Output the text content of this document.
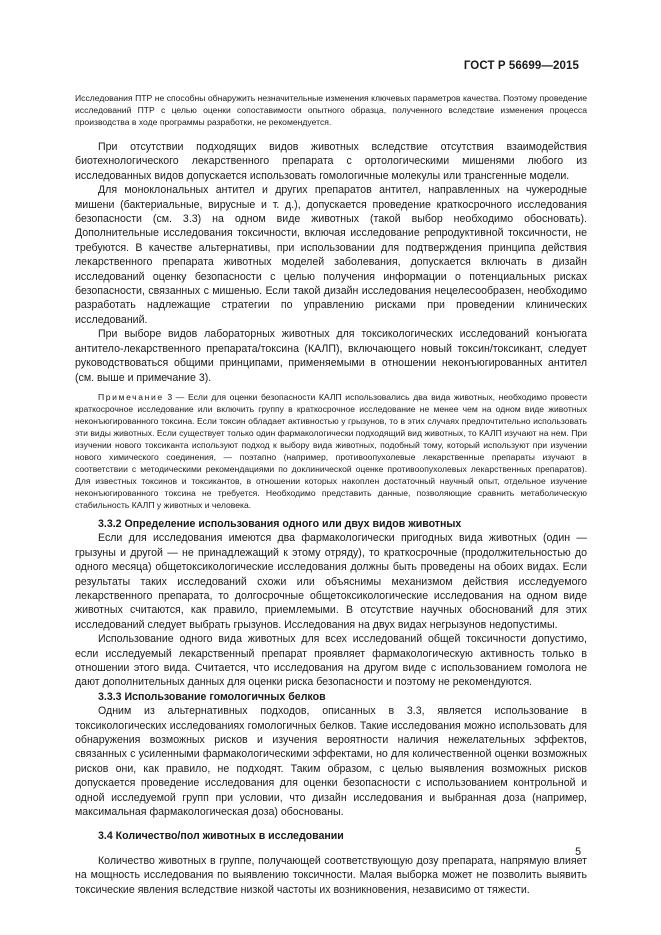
ГОСТ Р 56699—2015

Исследования ПТР не способны обнаружить незначительные изменения ключевых параметров качества. Поэтому проведение исследований ПТР с целью оценки сопоставимости опытного образца, полученного вследствие изменения процесса производства в ходе программы разработки, не рекомендуется.

При отсутствии подходящих видов животных вследствие отсутствия взаимодействия биотехнологического лекарственного препарата с ортологическими мишенями любого из исследованных видов допускается использовать гомологичные молекулы или трансгенные модели.

Для моноклональных антител и других препаратов антител, направленных на чужеродные мишени (бактериальные, вирусные и т. д.), допускается проведение краткосрочного исследования безопасности (см. 3.3) на одном виде животных (такой выбор необходимо обосновать). Дополнительные исследования токсичности, включая исследование репродуктивной токсичности, не требуются. В качестве альтернативы, при использовании для подтверждения принципа действия лекарственного препарата животных моделей заболевания, допускается включать в дизайн исследований оценку безопасности с целью получения информации о потенциальных рисках безопасности, связанных с мишенью. Если такой дизайн исследования нецелесообразен, необходимо разработать надлежащие стратегии по управлению рисками при проведении клинических исследований.

При выборе видов лабораторных животных для токсикологических исследований конъюгата антитело-лекарственного препарата/токсина (КАЛП), включающего новый токсин/токсикант, следует руководствоваться общими принципами, применяемыми в отношении неконъюгированных антител (см. выше и примечание 3).

Примечание 3 — Если для оценки безопасности КАЛП использовались два вида животных, необходимо провести краткосрочное исследование или включить группу в краткосрочное исследование не менее чем на одном виде животных неконъюгированного токсина. Если токсин обладает активностью у грызунов, то в этих случаях предпочтительно использовать эти виды животных. Если существует только один фармакологически подходящий вид животных, то КАЛП изучают на нем. При изучении нового токсиканта используют подход к выбору вида животных, подобный тому, который используют при изучении нового химического соединения, — поэтапно (например, противоопухолевые лекарственные препараты изучают в соответствии с методическими рекомендациями по доклинической оценке противоопухолевых лекарственных препаратов). Для известных токсинов и токсикантов, в отношении которых накоплен достаточный научный опыт, отдельное изучение неконъюгированного токсина не требуется. Необходимо представить данные, позволяющие сравнить метаболическую стабильность КАЛП у животных и человека.

3.3.2 Определение использования одного или двух видов животных

Если для исследования имеются два фармакологически пригодных вида животных (один — грызуны и другой — не принадлежащий к этому отряду), то краткосрочные (продолжительностью до одного месяца) общетоксикологические исследования должны быть проведены на обоих видах. Если результаты таких исследований схожи или объяснимы механизмом действия исследуемого лекарственного препарата, то долгосрочные общетоксикологические исследования на одном виде животных считаются, как правило, приемлемыми. В отсутствие научных обоснований для этих исследований следует выбрать грызунов. Исследования на двух видах негрызунов недопустимы.

Использование одного вида животных для всех исследований общей токсичности допустимо, если исследуемый лекарственный препарат проявляет фармакологическую активность только в отношении этого вида. Считается, что исследования на другом виде с использованием гомолога не дают дополнительных данных для оценки риска безопасности и поэтому не рекомендуются.

3.3.3 Использование гомологичных белков

Одним из альтернативных подходов, описанных в 3.3, является использование в токсикологических исследованиях гомологичных белков. Такие исследования можно использовать для обнаружения возможных рисков и изучения вероятности наличия нежелательных эффектов, связанных с усиленными фармакологическими эффектами, но для количественной оценки возможных рисков они, как правило, не подходят. Таким образом, с целью выявления возможных рисков допускается проведение исследования для оценки безопасности с использованием контрольной и одной исследуемой групп при условии, что дизайн исследования и выбранная доза (например, максимальная фармакологическая доза) обоснованы.

3.4 Количество/пол животных в исследовании

Количество животных в группе, получающей соответствующую дозу препарата, напрямую влияет на мощность исследования по выявлению токсичности. Малая выборка может не позволить выявить токсические явления вследствие низкой частоты их возникновения, независимо от тяжести.

5
